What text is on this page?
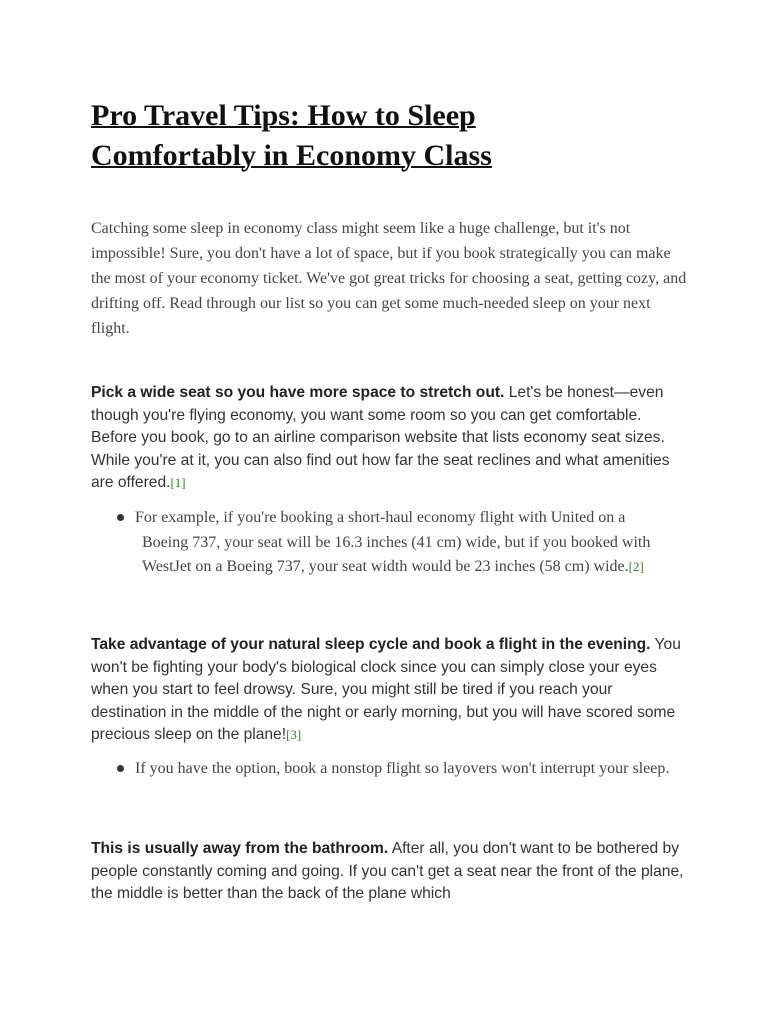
Pro Travel Tips: How to Sleep Comfortably in Economy Class

Catching some sleep in economy class might seem like a huge challenge, but it's not impossible! Sure, you don't have a lot of space, but if you book strategically you can make the most of your economy ticket. We've got great tricks for choosing a seat, getting cozy, and drifting off. Read through our list so you can get some much-needed sleep on your next flight.

Pick a wide seat so you have more space to stretch out. Let's be honest—even though you're flying economy, you want some room so you can get comfortable. Before you book, go to an airline comparison website that lists economy seat sizes. While you're at it, you can also find out how far the seat reclines and what amenities are offered.[1]

For example, if you're booking a short-haul economy flight with United on a Boeing 737, your seat will be 16.3 inches (41 cm) wide, but if you booked with WestJet on a Boeing 737, your seat width would be 23 inches (58 cm) wide.[2]

Take advantage of your natural sleep cycle and book a flight in the evening. You won't be fighting your body's biological clock since you can simply close your eyes when you start to feel drowsy. Sure, you might still be tired if you reach your destination in the middle of the night or early morning, but you will have scored some precious sleep on the plane![3]

If you have the option, book a nonstop flight so layovers won't interrupt your sleep.

This is usually away from the bathroom. After all, you don't want to be bothered by people constantly coming and going. If you can't get a seat near the front of the plane, the middle is better than the back of the plane which
